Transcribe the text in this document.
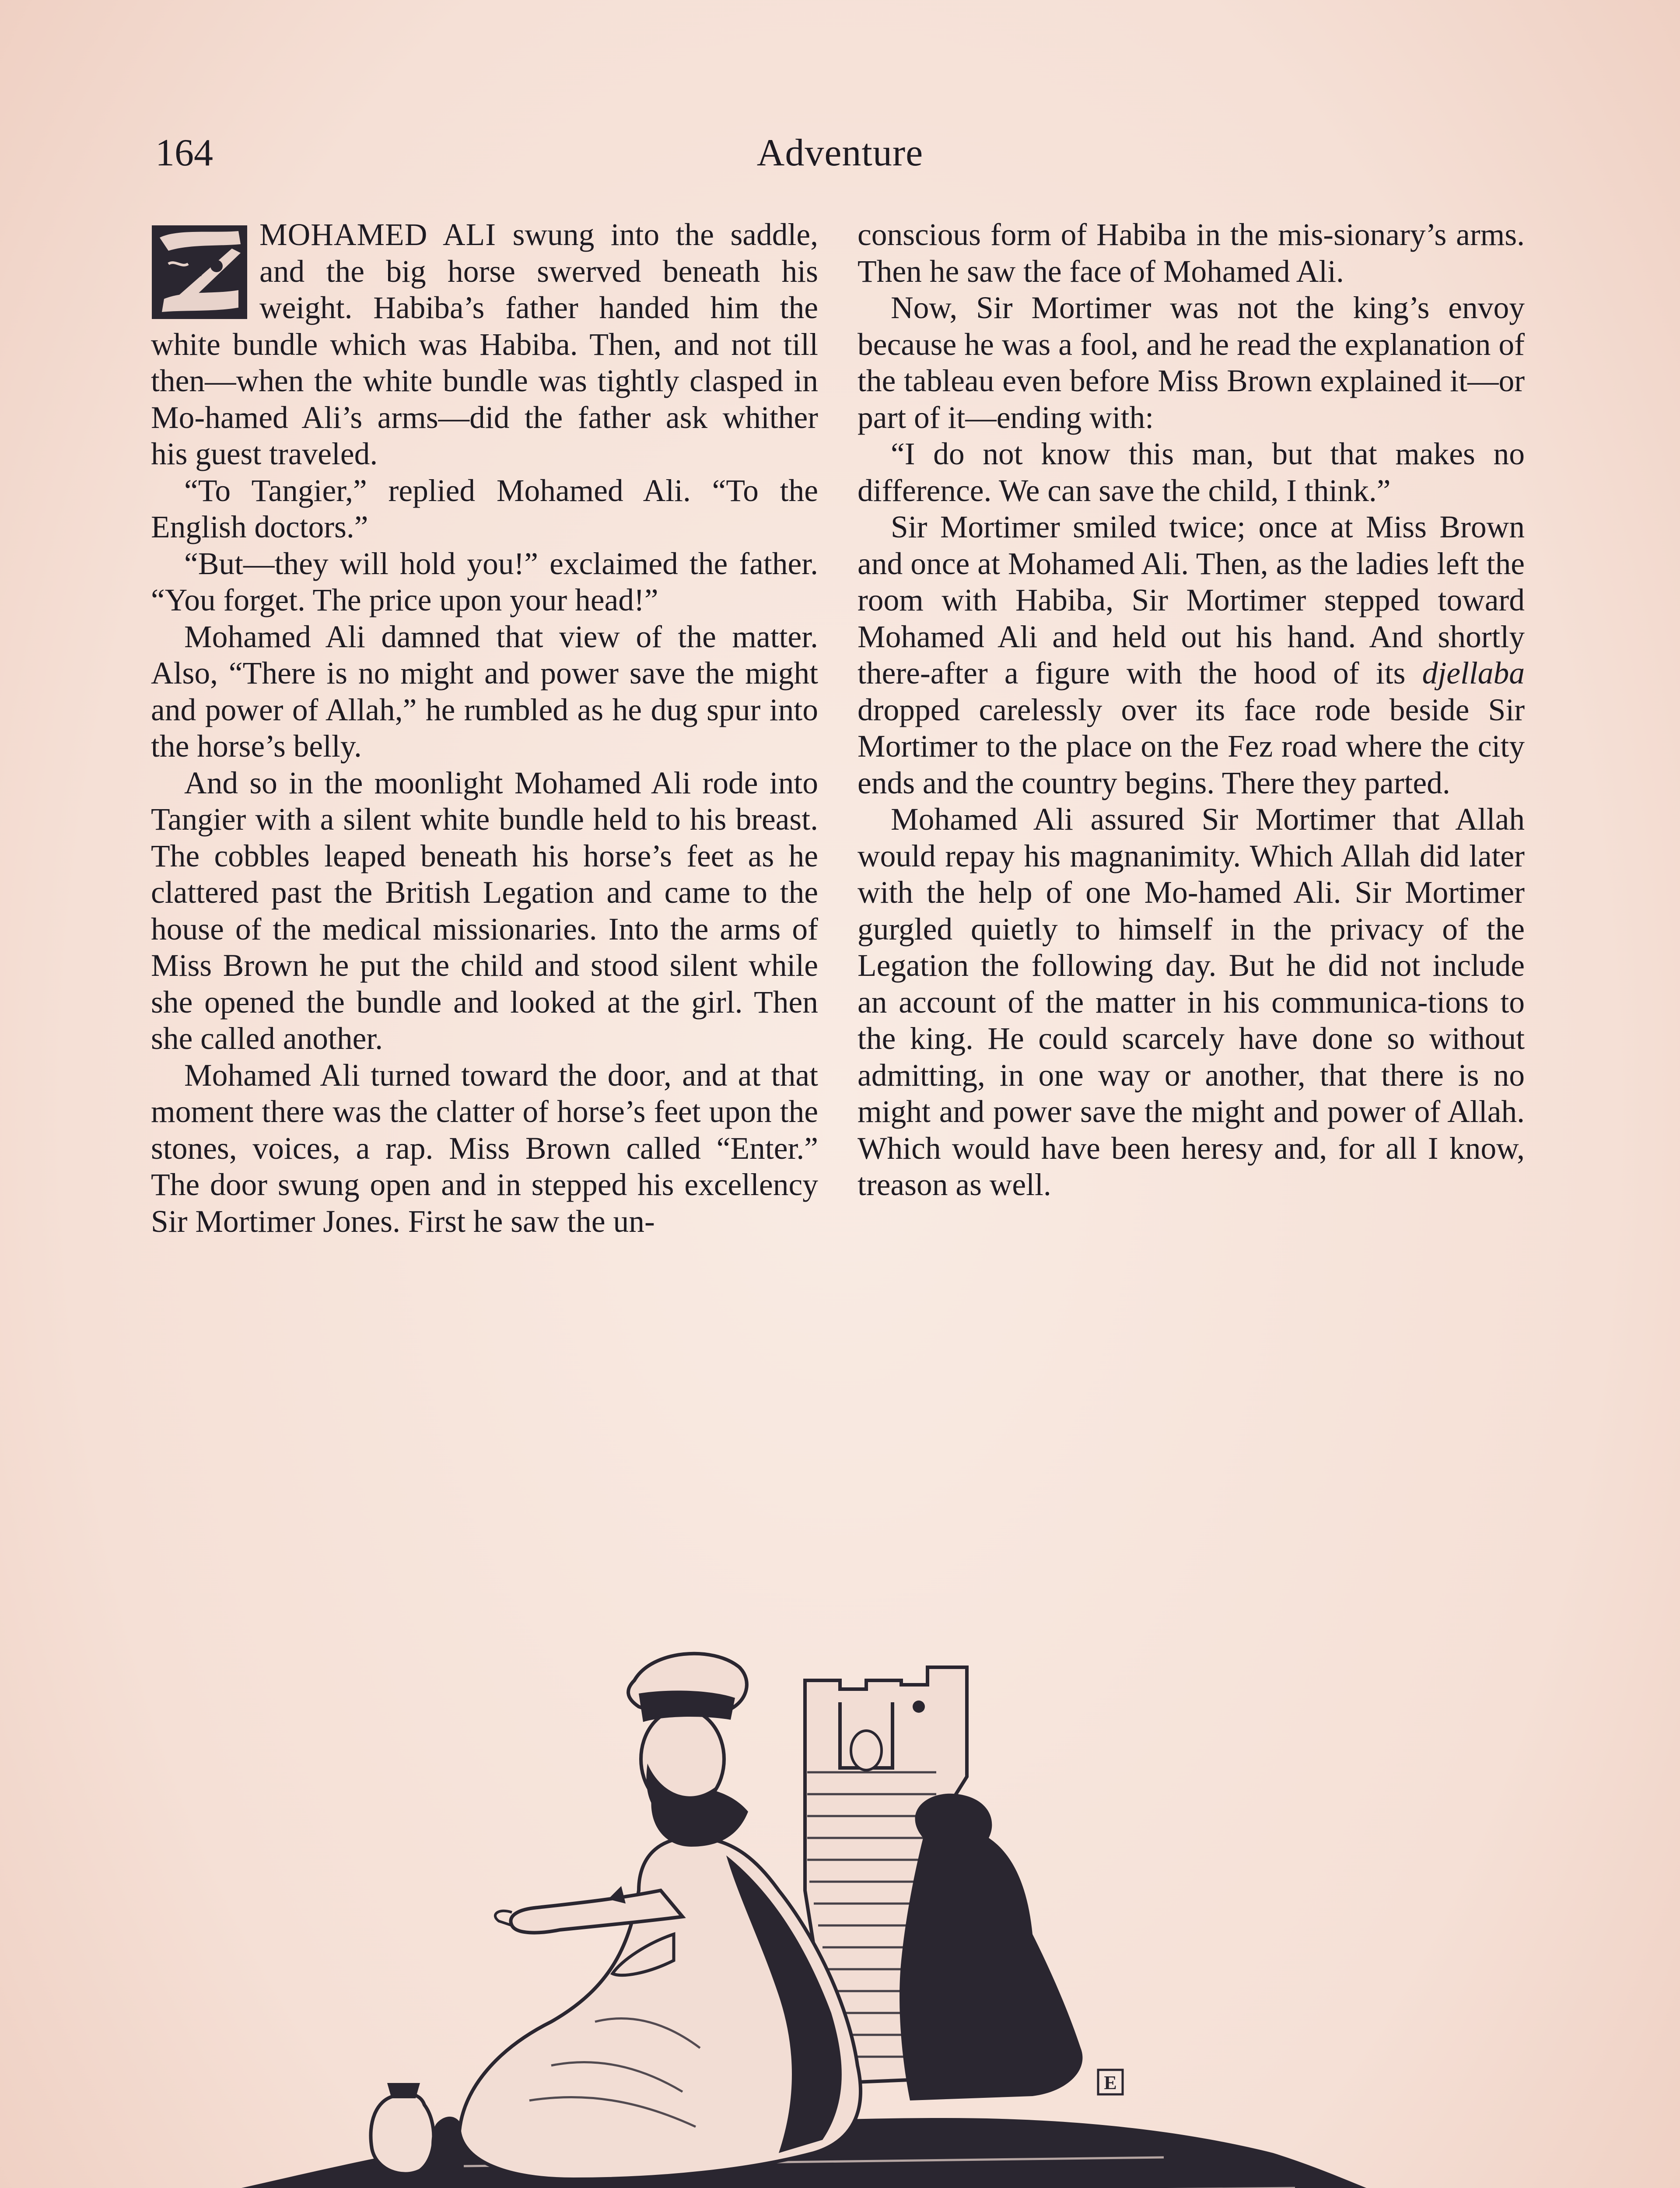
164	Adventure

Z
MOHAMED ALI swung into the saddle, and the big horse swerved beneath his weight. Habiba’s father handed him the white bundle which was Habiba. Then, and not till then—when the white bundle was tightly clasped in Mo-hamed Ali’s arms—did the father ask whither his guest traveled.

“To Tangier,” replied Mohamed Ali. “To the English doctors.”

“But—they will hold you!” exclaimed the father. “You forget. The price upon your head!”

Mohamed Ali damned that view of the matter. Also, “There is no might and power save the might and power of Allah,” he rumbled as he dug spur into the horse’s belly.

And so in the moonlight Mohamed Ali rode into Tangier with a silent white bundle held to his breast. The cobbles leaped beneath his horse’s feet as he clattered past the British Legation and came to the house of the medical missionaries. Into the arms of Miss Brown he put the child and stood silent while she opened the bundle and looked at the girl. Then she called another.

Mohamed Ali turned toward the door, and at that moment there was the clatter of horse’s feet upon the stones, voices, a rap. Miss Brown called “Enter.” The door swung open and in stepped his excellency Sir Mortimer Jones. First he saw the un-

conscious form of Habiba in the mis-sionary’s arms. Then he saw the face of Mohamed Ali.

Now, Sir Mortimer was not the king’s envoy because he was a fool, and he read the explanation of the tableau even before Miss Brown explained it—or part of it—ending with:

“I do not know this man, but that makes no difference. We can save the child, I think.”

Sir Mortimer smiled twice; once at Miss Brown and once at Mohamed Ali. Then, as the ladies left the room with Habiba, Sir Mortimer stepped toward Mohamed Ali and held out his hand. And shortly there-after a figure with the hood of its djellaba dropped carelessly over its face rode beside Sir Mortimer to the place on the Fez road where the city ends and the country begins. There they parted.

Mohamed Ali assured Sir Mortimer that Allah would repay his magnanimity. Which Allah did later with the help of one Mo-hamed Ali. Sir Mortimer gurgled quietly to himself in the privacy of the Legation the following day. But he did not include an account of the matter in his communica-tions to the king. He could scarcely have done so without admitting, in one way or another, that there is no might and power save the might and power of Allah. Which would have been heresy and, for all I know, treason as well.

E
